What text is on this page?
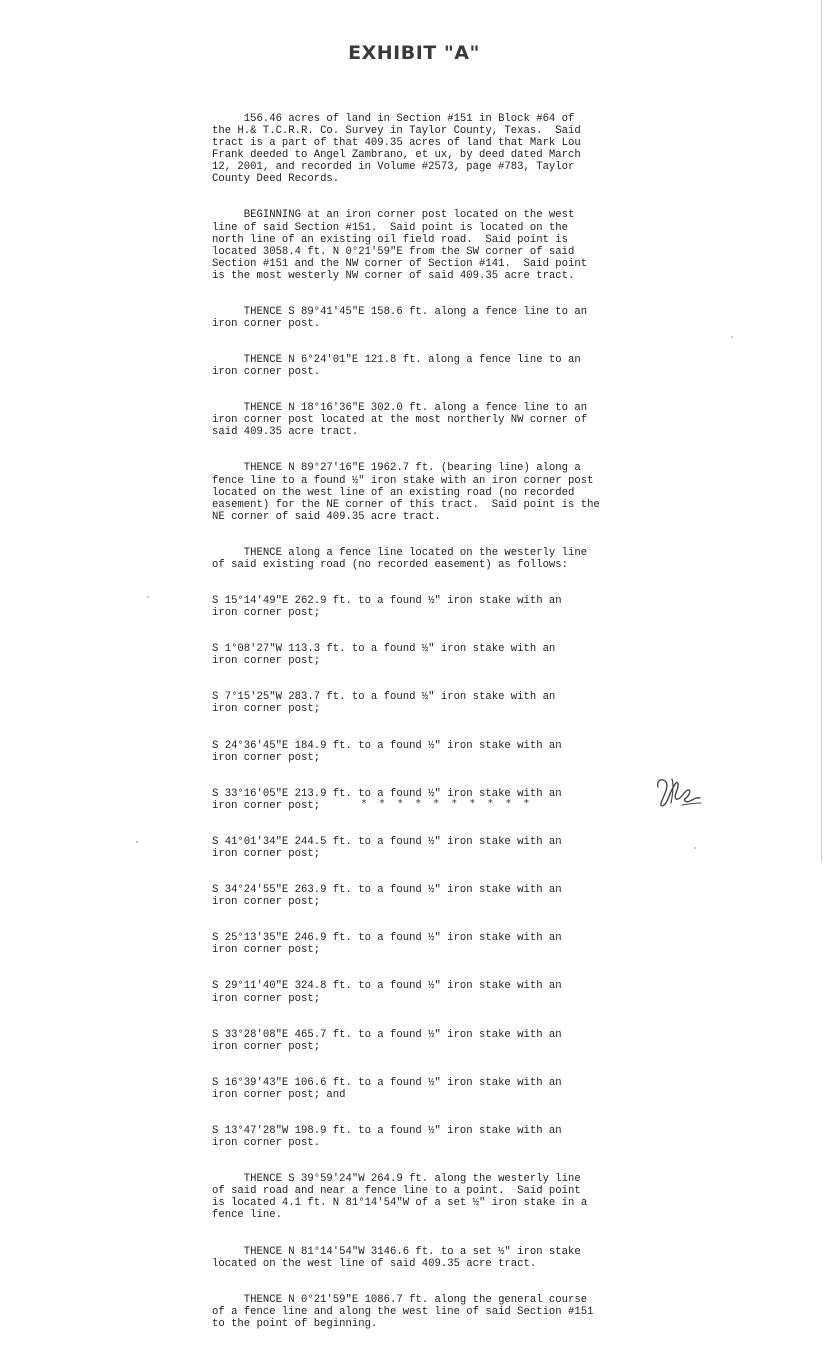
EXHIBIT "A"

156.46 acres of land in Section #151 in Block #64 of
the H.& T.C.R.R. Co. Survey in Taylor County, Texas.  Said
tract is a part of that 409.35 acres of land that Mark Lou
Frank deeded to Angel Zambrano, et ux, by deed dated March
12, 2001, and recorded in Volume #2573, page #783, Taylor
County Deed Records.

BEGINNING at an iron corner post located on the west
line of said Section #151.  Said point is located on the
north line of an existing oil field road.  Said point is
located 3058.4 ft. N 0°21'59"E from the SW corner of said
Section #151 and the NW corner of Section #141.  Said point
is the most westerly NW corner of said 409.35 acre tract.

THENCE S 89°41'45"E 158.6 ft. along a fence line to an
iron corner post.

THENCE N 6°24'01"E 121.8 ft. along a fence line to an
iron corner post.

THENCE N 18°16'36"E 302.0 ft. along a fence line to an
iron corner post located at the most northerly NW corner of
said 409.35 acre tract.

THENCE N 89°27'16"E 1962.7 ft. (bearing line) along a
fence line to a found ½" iron stake with an iron corner post
located on the west line of an existing road (no recorded
easement) for the NE corner of this tract.  Said point is the
NE corner of said 409.35 acre tract.

THENCE along a fence line located on the westerly line
of said existing road (no recorded easement) as follows:

S 15°14'49"E 262.9 ft. to a found ½" iron stake with an
iron corner post;

S 1°08'27"W 113.3 ft. to a found ½" iron stake with an
iron corner post;

S 7°15'25"W 283.7 ft. to a found ½" iron stake with an
iron corner post;

S 24°36'45"E 184.9 ft. to a found ½" iron stake with an
iron corner post;

S 33°16'05"E 213.9 ft. to a found ½" iron stake with an
iron corner post;

S 41°01'34"E 244.5 ft. to a found ½" iron stake with an
iron corner post;

S 34°24'55"E 263.9 ft. to a found ½" iron stake with an
iron corner post;

S 25°13'35"E 246.9 ft. to a found ½" iron stake with an
iron corner post;

S 29°11'40"E 324.8 ft. to a found ½" iron stake with an
iron corner post;

S 33°28'08"E 465.7 ft. to a found ½" iron stake with an
iron corner post;

S 16°39'43"E 106.6 ft. to a found ½" iron stake with an
iron corner post; and

S 13°47'28"W 198.9 ft. to a found ½" iron stake with an
iron corner post.

THENCE S 39°59'24"W 264.9 ft. along the westerly line
of said road and near a fence line to a point.  Said point
is located 4.1 ft. N 81°14'54"W of a set ½" iron stake in a
fence line.

THENCE N 81°14'54"W 3146.6 ft. to a set ½" iron stake
located on the west line of said 409.35 acre tract.

THENCE N 0°21'59"E 1086.7 ft. along the general course
of a fence line and along the west line of said Section #151
to the point of beginning.

* * * * * * * * * *
